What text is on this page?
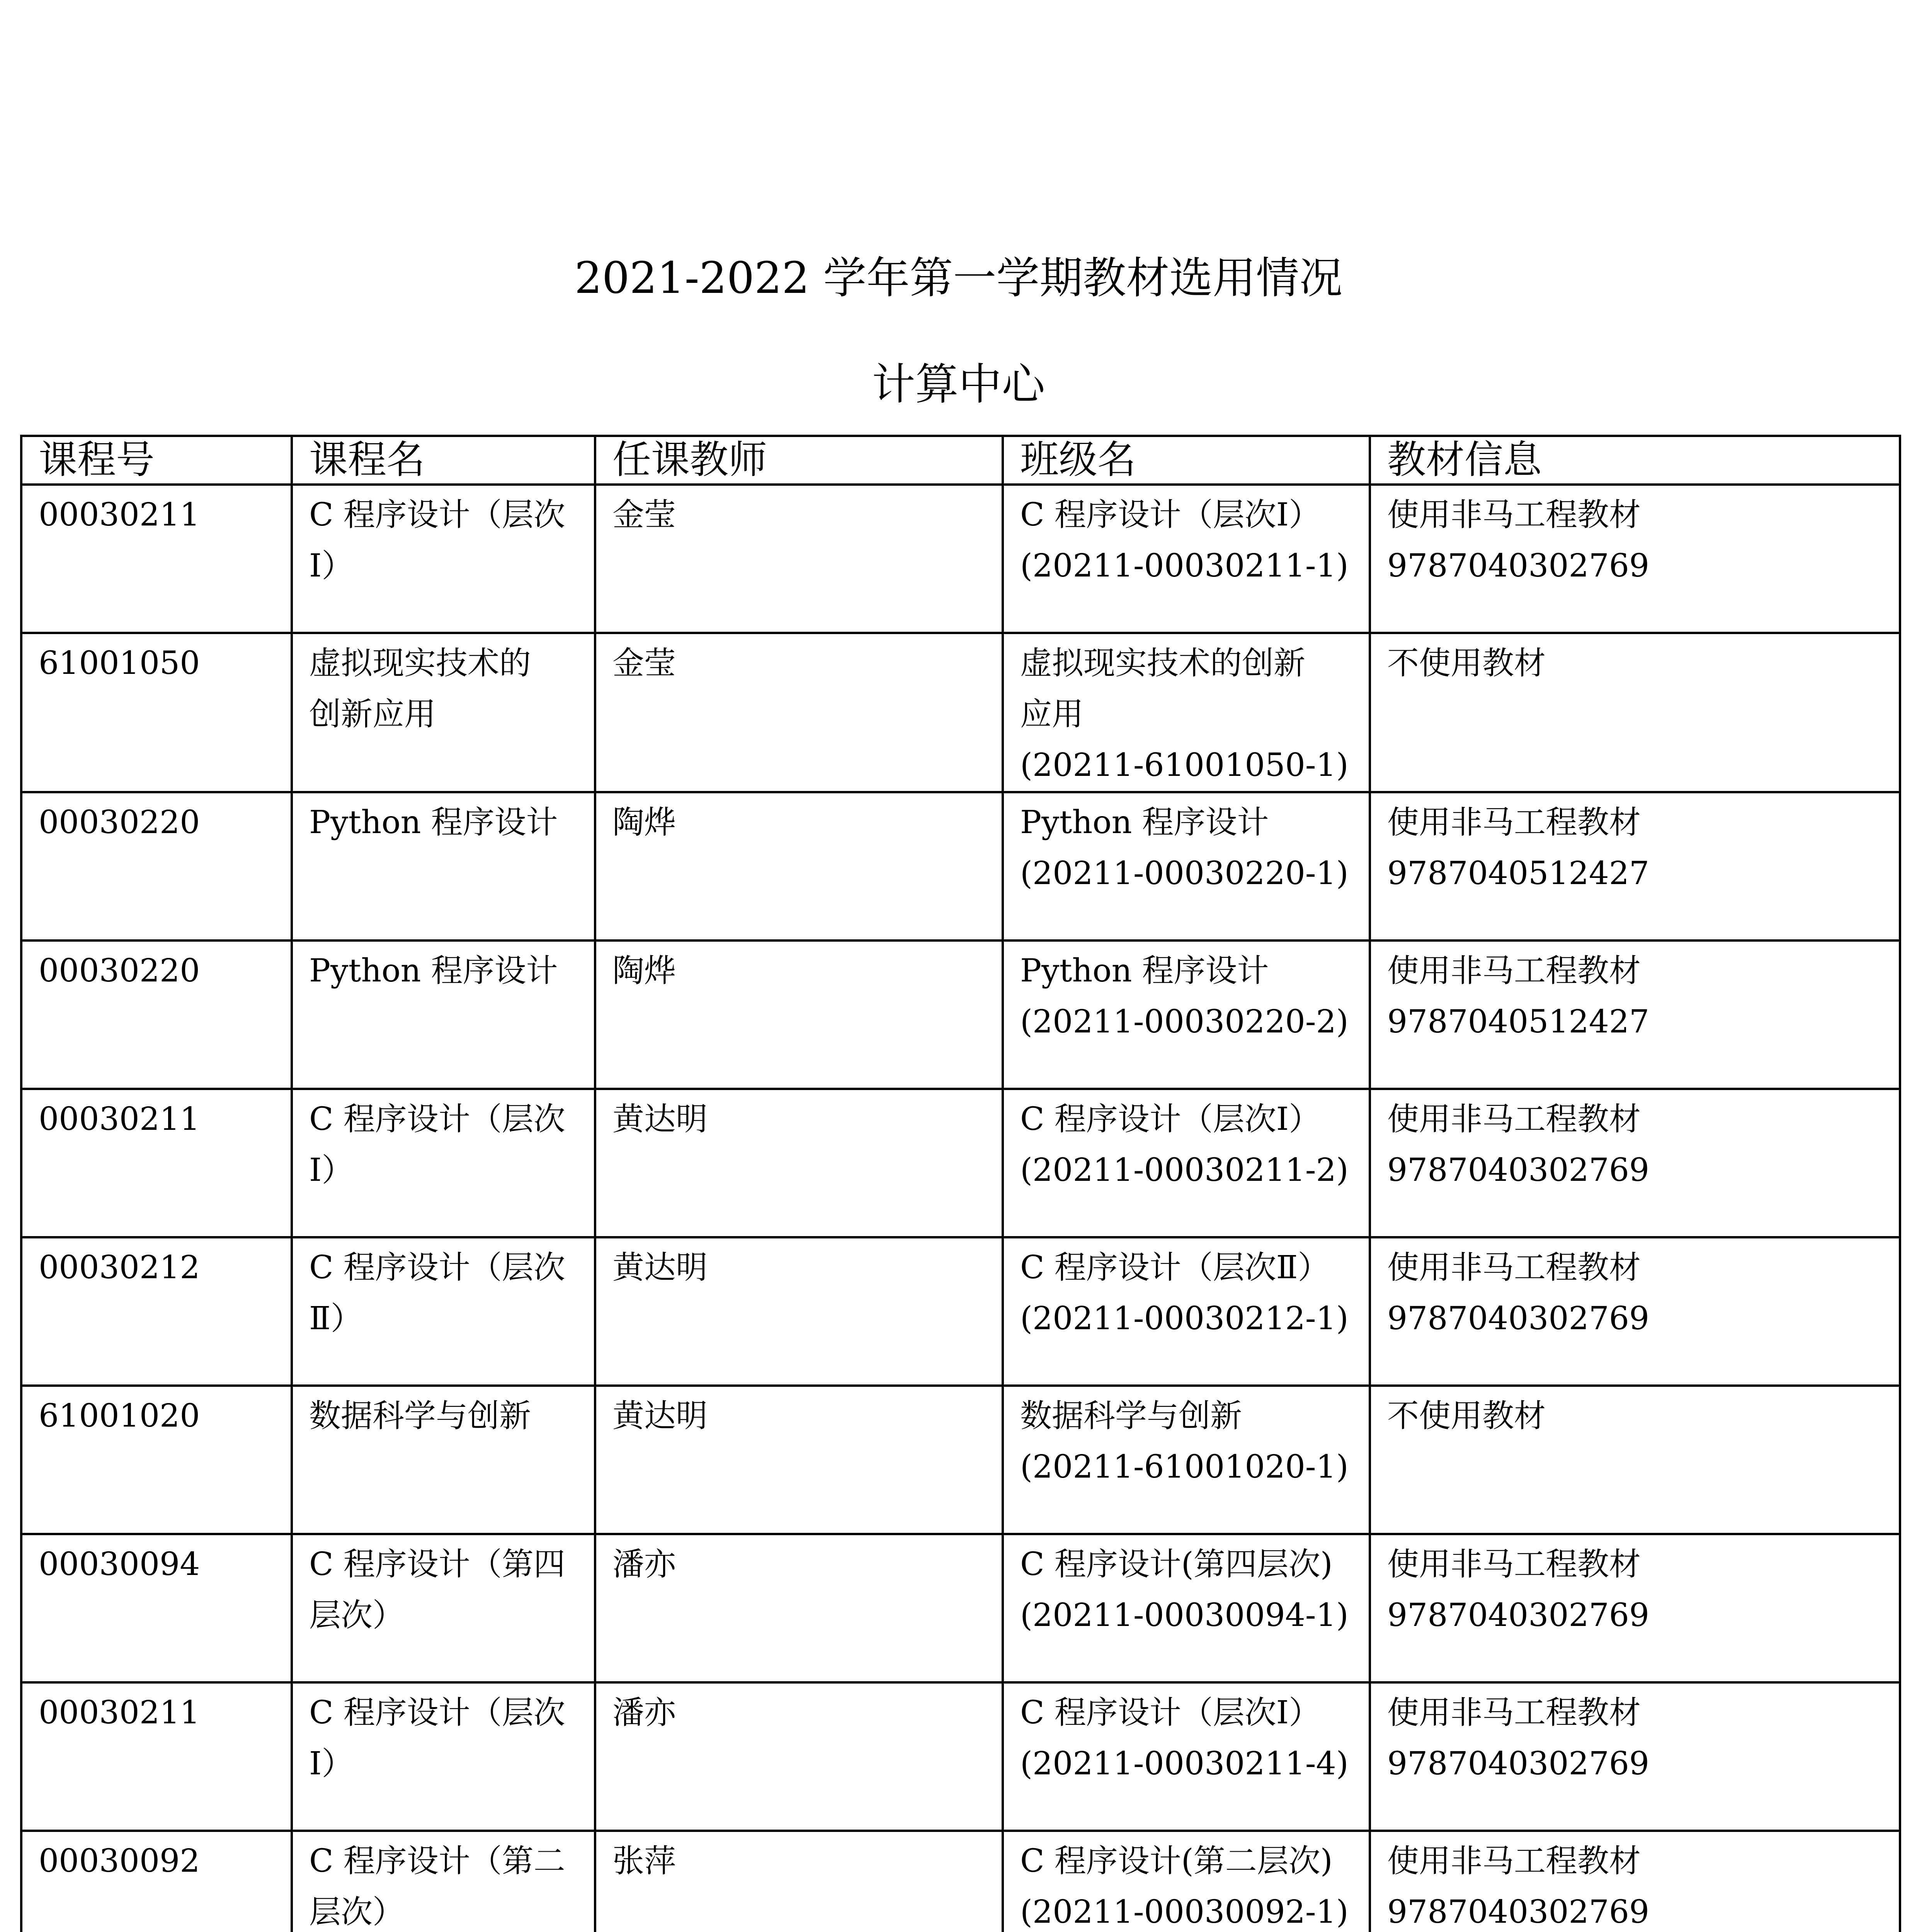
2021-2022 学年第一学期教材选用情况
计算中心
课程号	课程名	任课教师	班级名	教材信息
00030211	C 程序设计（层次
Ⅰ）	金莹	C 程序设计（层次Ⅰ）
(20211-00030211-1)	使用非马工程教材
9787040302769

61001050	虚拟现实技术的
创新应用	金莹	虚拟现实技术的创新
应用
(20211-61001050-1)	不使用教材

00030220	Python 程序设计	陶烨	Python 程序设计
(20211-00030220-1)	使用非马工程教材
9787040512427

00030220	Python 程序设计	陶烨	Python 程序设计
(20211-00030220-2)	使用非马工程教材
9787040512427

00030211	C 程序设计（层次
Ⅰ）	黄达明	C 程序设计（层次Ⅰ）
(20211-00030211-2)	使用非马工程教材
9787040302769

00030212	C 程序设计（层次
Ⅱ）	黄达明	C 程序设计（层次Ⅱ）
(20211-00030212-1)	使用非马工程教材
9787040302769

61001020	数据科学与创新	黄达明	数据科学与创新
(20211-61001020-1)	不使用教材

00030094	C 程序设计（第四
层次）	潘亦	C 程序设计(第四层次)
(20211-00030094-1)	使用非马工程教材
9787040302769

00030211	C 程序设计（层次
Ⅰ）	潘亦	C 程序设计（层次Ⅰ）
(20211-00030211-4)	使用非马工程教材
9787040302769

00030092	C 程序设计（第二
层次）	张萍	C 程序设计(第二层次)
(20211-00030092-1)	使用非马工程教材
9787040302769
